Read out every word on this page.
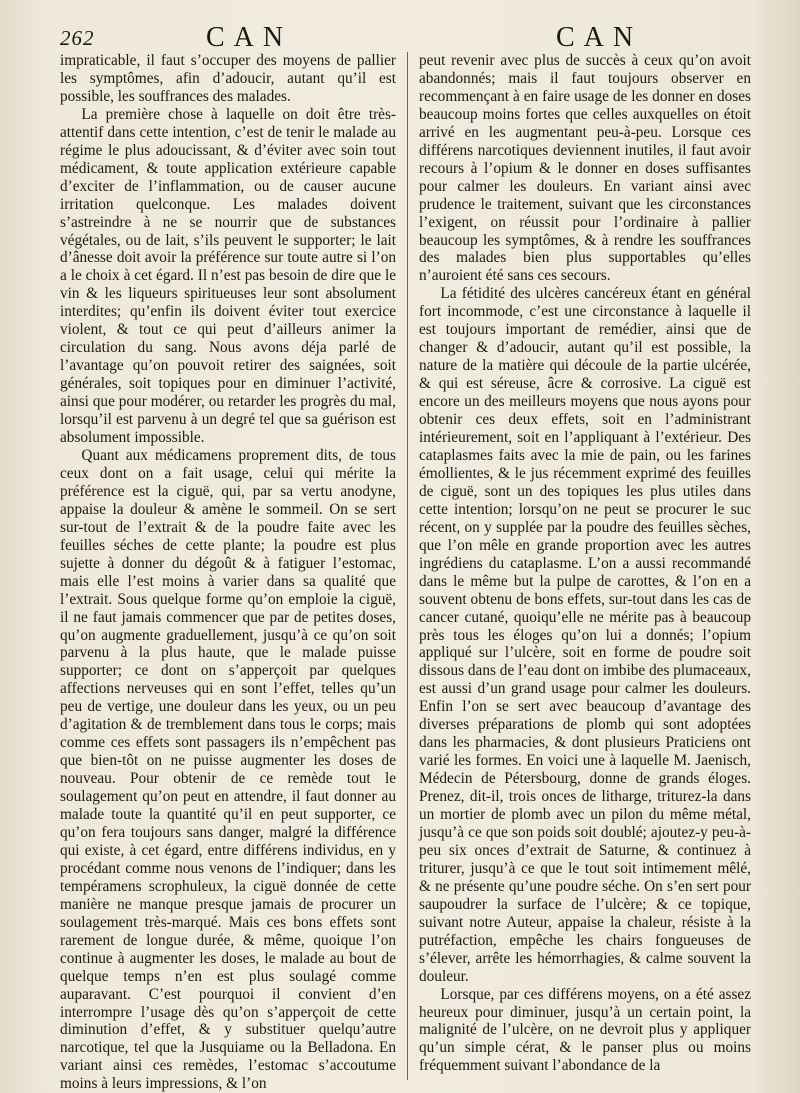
262	CAN	CAN

impraticable, il faut s’occuper des moyens de pallier les symptômes, afin d’adoucir, autant qu’il est possible, les souffrances des malades.

La première chose à laquelle on doit être très-attentif dans cette intention, c’est de tenir le malade au régime le plus adoucissant, & d’éviter avec soin tout médicament, & toute application extérieure capable d’exciter de l’inflammation, ou de causer aucune irritation quelconque. Les malades doivent s’astreindre à ne se nourrir que de substances végétales, ou de lait, s’ils peuvent le supporter; le lait d’ânesse doit avoir la préférence sur toute autre si l’on a le choix à cet égard. Il n’est pas besoin de dire que le vin & les liqueurs spiritueuses leur sont absolument interdites; qu’enfin ils doivent éviter tout exercice violent, & tout ce qui peut d’ailleurs animer la circulation du sang. Nous avons déja parlé de l’avantage qu’on pouvoit retirer des saignées, soit générales, soit topiques pour en diminuer l’activité, ainsi que pour modérer, ou retarder les progrès du mal, lorsqu’il est parvenu à un degré tel que sa guérison est absolument impossible.

Quant aux médicamens proprement dits, de tous ceux dont on a fait usage, celui qui mérite la préférence est la ciguë, qui, par sa vertu anodyne, appaise la douleur & amène le sommeil. On se sert sur-tout de l’extrait & de la poudre faite avec les feuilles séches de cette plante; la poudre est plus sujette à donner du dégoût & à fatiguer l’estomac, mais elle l’est moins à varier dans sa qualité que l’extrait. Sous quelque forme qu’on emploie la ciguë, il ne faut jamais commencer que par de petites doses, qu’on augmente graduellement, jusqu’à ce qu’on soit parvenu à la plus haute, que le malade puisse supporter; ce dont on s’apperçoit par quelques affections nerveuses qui en sont l’effet, telles qu’un peu de vertige, une douleur dans les yeux, ou un peu d’agitation & de tremblement dans tous le corps; mais comme ces effets sont passagers ils n’empêchent pas que bien-tôt on ne puisse augmenter les doses de nouveau. Pour obtenir de ce remède tout le soulagement qu’on peut en attendre, il faut donner au malade toute la quantité qu’il en peut supporter, ce qu’on fera toujours sans danger, malgré la différence qui existe, à cet égard, entre différens individus, en y procédant comme nous venons de l’indiquer; dans les tempéramens scrophuleux, la ciguë donnée de cette manière ne manque presque jamais de procurer un soulagement très-marqué. Mais ces bons effets sont rarement de longue durée, & même, quoique l’on continue à augmenter les doses, le malade au bout de quelque temps n’en est plus soulagé comme auparavant. C’est pourquoi il convient d’en interrompre l’usage dès qu’on s’apperçoit de cette diminution d’effet, & y substituer quelqu’autre narcotique, tel que la Jusquiame ou la Belladona. En variant ainsi ces remèdes, l’estomac s’accoutume moins à leurs impressions, & l’on

peut revenir avec plus de succès à ceux qu’on avoit abandonnés; mais il faut toujours observer en recommençant à en faire usage de les donner en doses beaucoup moins fortes que celles auxquelles on étoit arrivé en les augmentant peu-à-peu. Lorsque ces différens narcotiques deviennent inutiles, il faut avoir recours à l’opium & le donner en doses suffisantes pour calmer les douleurs. En variant ainsi avec prudence le traitement, suivant que les circonstances l’exigent, on réussit pour l’ordinaire à pallier beaucoup les symptômes, & à rendre les souffrances des malades bien plus supportables qu’elles n’auroient été sans ces secours.

La fétidité des ulcères cancéreux étant en général fort incommode, c’est une circonstance à laquelle il est toujours important de remédier, ainsi que de changer & d’adoucir, autant qu’il est possible, la nature de la matière qui découle de la partie ulcérée, & qui est séreuse, âcre & corrosive. La ciguë est encore un des meilleurs moyens que nous ayons pour obtenir ces deux effets, soit en l’administrant intérieurement, soit en l’appliquant à l’extérieur. Des cataplasmes faits avec la mie de pain, ou les farines émollientes, & le jus récemment exprimé des feuilles de ciguë, sont un des topiques les plus utiles dans cette intention; lorsqu’on ne peut se procurer le suc récent, on y supplée par la poudre des feuilles sèches, que l’on mêle en grande proportion avec les autres ingrédiens du cataplasme. L’on a aussi recommandé dans le même but la pulpe de carottes, & l’on en a souvent obtenu de bons effets, sur-tout dans les cas de cancer cutané, quoiqu’elle ne mérite pas à beaucoup près tous les éloges qu’on lui a donnés; l’opium appliqué sur l’ulcère, soit en forme de poudre soit dissous dans de l’eau dont on imbibe des plumaceaux, est aussi d’un grand usage pour calmer les douleurs. Enfin l’on se sert avec beaucoup d’avantage des diverses préparations de plomb qui sont adoptées dans les pharmacies, & dont plusieurs Praticiens ont varié les formes. En voici une à laquelle M. Jaenisch, Médecin de Pétersbourg, donne de grands éloges. Prenez, dit-il, trois onces de litharge, triturez-la dans un mortier de plomb avec un pilon du même métal, jusqu’à ce que son poids soit doublé; ajoutez-y peu-à-peu six onces d’extrait de Saturne, & continuez à triturer, jusqu’à ce que le tout soit intimement mêlé, & ne présente qu’une poudre séche. On s’en sert pour saupoudrer la surface de l’ulcère; & ce topique, suivant notre Auteur, appaise la chaleur, résiste à la putréfaction, empêche les chairs fongueuses de s’élever, arrête les hémorrhagies, & calme souvent la douleur.

Lorsque, par ces différens moyens, on a été assez heureux pour diminuer, jusqu’à un certain point, la malignité de l’ulcère, on ne devroit plus y appliquer qu’un simple cérat, & le panser plus ou moins fréquemment suivant l’abondance de la
